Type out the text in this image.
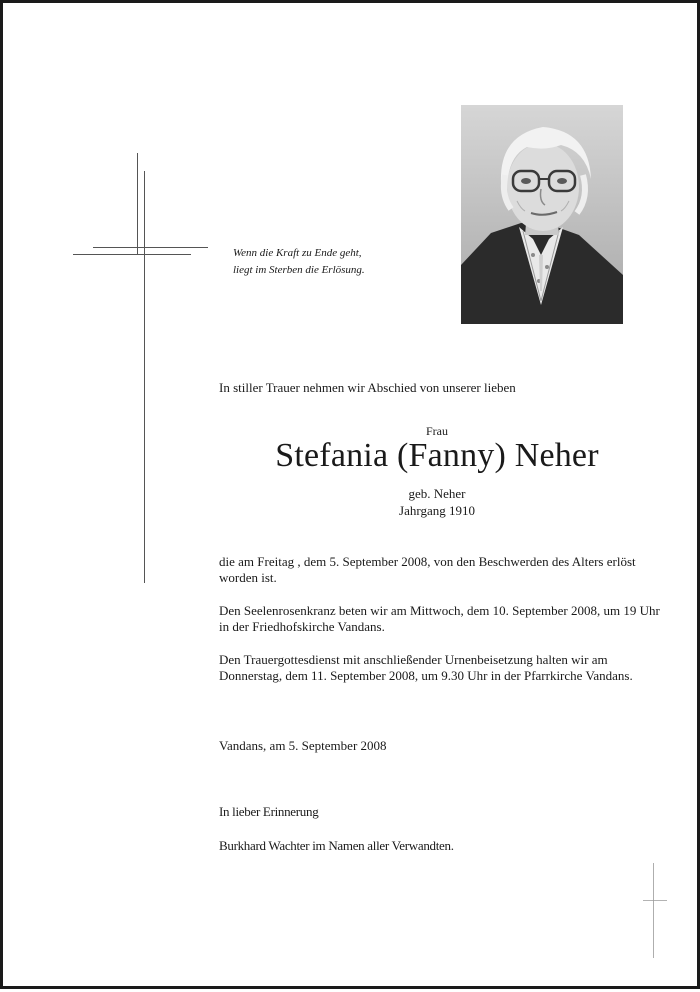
Wenn die Kraft zu Ende geht,
liegt im Sterben die Erlösung.
In stiller Trauer nehmen wir Abschied von unserer lieben
Frau
Stefania (Fanny) Neher
geb. Neher
Jahrgang 1910
die am Freitag , dem 5. September 2008, von den Beschwerden des Alters erlöst worden ist.
Den Seelenrosenkranz beten wir am Mittwoch, dem 10. September 2008, um 19 Uhr in der Friedhofskirche Vandans.
Den Trauergottesdienst mit anschließender Urnenbeisetzung halten wir am Donnerstag, dem 11. September 2008, um 9.30 Uhr in der Pfarrkirche Vandans.
Vandans, am 5. September 2008
In lieber Erinnerung
Burkhard Wachter im Namen aller Verwandten.
